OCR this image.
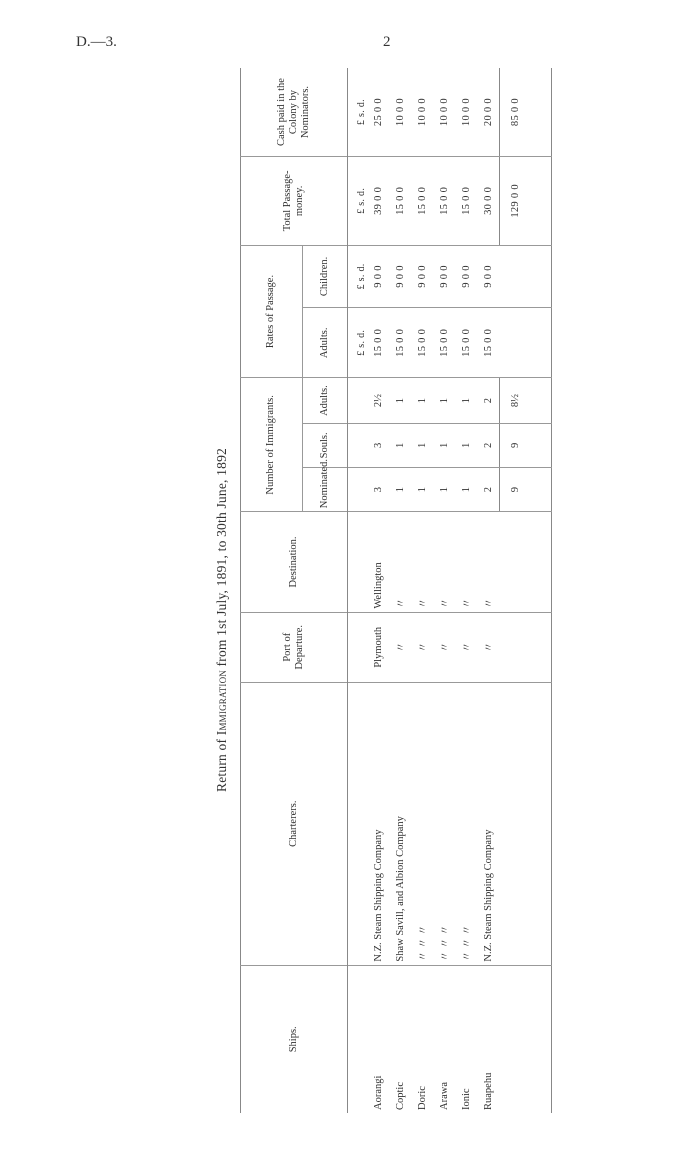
D.—3.	2
Return of Immigration from 1st July, 1891, to 30th June, 1892
Ships.	Charterers.	Port of Departure.	Destination.	Number of Immigrants.			Rates of Passage.		Total Passage-money.	Cash paid in the Colony by Nominators.
				Nominated.	Souls.	Adults.	Adults.	Children.		
							£ s. d.	£ s. d.	£ s. d.	£ s. d.
Aorangi	N.Z. Steam Shipping Company	Plymouth	Wellington	3	3	2½	15 0 0	9 0 0	39 0 0	25 0 0
Coptic	Shaw Savill, and Albion Company	〃	〃	1	1	1	15 0 0	9 0 0	15 0 0	10 0 0
Doric	〃 〃 〃	〃	〃	1	1	1	15 0 0	9 0 0	15 0 0	10 0 0
Arawa	〃 〃 〃	〃	〃	1	1	1	15 0 0	9 0 0	15 0 0	10 0 0
Ionic	〃 〃 〃	〃	〃	1	1	1	15 0 0	9 0 0	15 0 0	10 0 0
Ruapehu	N.Z. Steam Shipping Company	〃	〃	2	2	2	15 0 0	9 0 0	30 0 0	20 0 0
				9	9	8½			129 0 0	85 0 0
